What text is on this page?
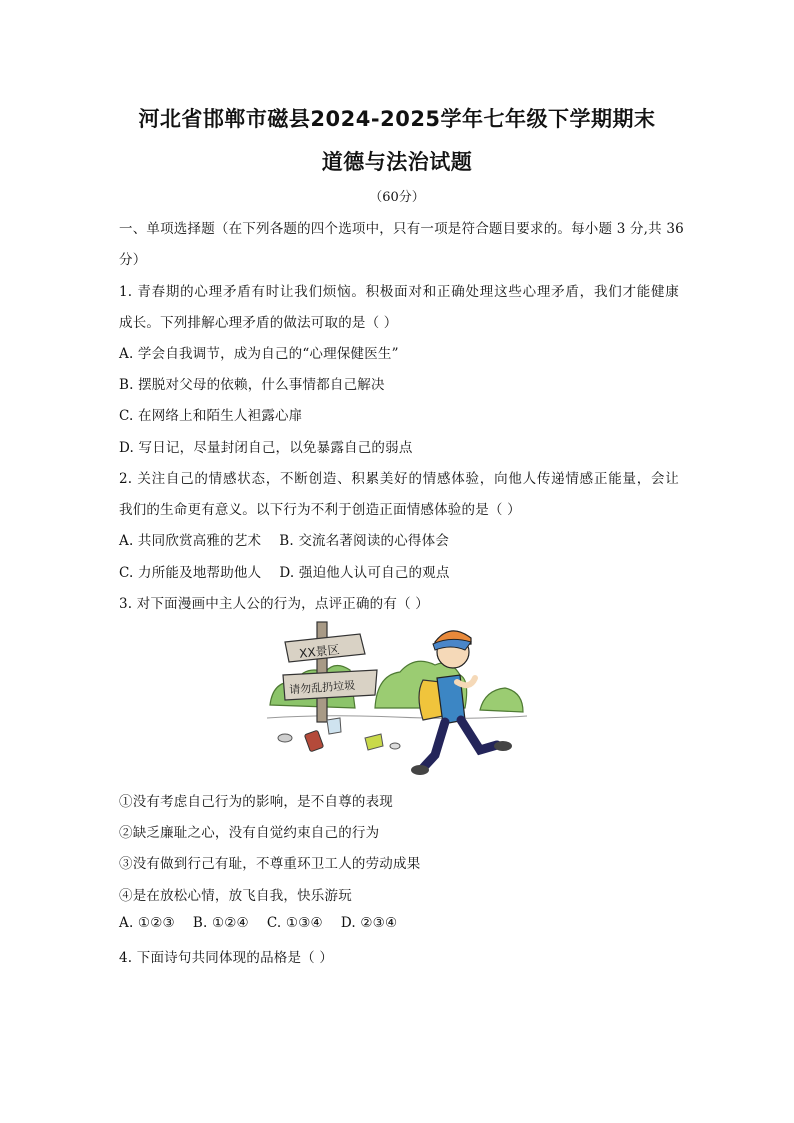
河北省邯郸市磁县2024-2025学年七年级下学期期末
道德与法治试题
（60分）
一、单项选择题（在下列各题的四个选项中，只有一项是符合题目要求的。每小题 3 分,共 36
分）
1. 青春期的心理矛盾有时让我们烦恼。积极面对和正确处理这些心理矛盾，我们才能健康
成长。下列排解心理矛盾的做法可取的是（ ）
A. 学会自我调节，成为自己的“心理保健医生”
B. 摆脱对父母的依赖，什么事情都自己解决
C. 在网络上和陌生人袒露心扉
D. 写日记，尽量封闭自己，以免暴露自己的弱点
2. 关注自己的情感状态，不断创造、积累美好的情感体验，向他人传递情感正能量，会让
我们的生命更有意义。以下行为不利于创造正面情感体验的是（ ）
A. 共同欣赏高雅的艺术 B. 交流名著阅读的心得体会
C. 力所能及地帮助他人 D. 强迫他人认可自己的观点
3. 对下面漫画中主人公的行为，点评正确的有（ ）
XX景区
请勿乱扔垃圾
①没有考虑自己行为的影响，是不自尊的表现
②缺乏廉耻之心，没有自觉约束自己的行为
③没有做到行己有耻，不尊重环卫工人的劳动成果
④是在放松心情，放飞自我，快乐游玩
A. ①②③ B. ①②④ C. ①③④ D. ②③④
4. 下面诗句共同体现的品格是（ ）
